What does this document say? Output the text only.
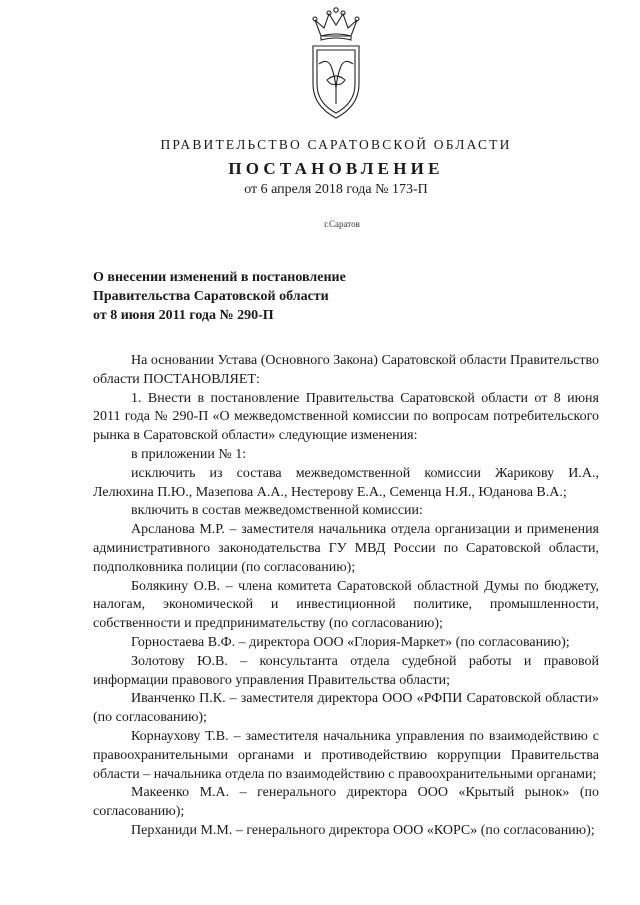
ПРАВИТЕЛЬСТВО САРАТОВСКОЙ ОБЛАСТИ
ПОСТАНОВЛЕНИЕ
от 6 апреля 2018 года № 173-П
г.Саратов
О внесении изменений в постановление
Правительства Саратовской области
от 8 июня 2011 года № 290-П
На основании Устава (Основного Закона) Саратовской области Правительство области ПОСТАНОВЛЯЕТ:
1. Внести в постановление Правительства Саратовской области от 8 июня 2011 года № 290-П «О межведомственной комиссии по вопросам потребительского рынка в Саратовской области» следующие изменения:
в приложении № 1:
исключить из состава межведомственной комиссии Жарикову И.А., Лелюхина П.Ю., Мазепова А.А., Нестерову Е.А., Семенца Н.Я., Юданова В.А.;
включить в состав межведомственной комиссии:
Арсланова М.Р. – заместителя начальника отдела организации и применения административного законодательства ГУ МВД России по Саратовской области, подполковника полиции (по согласованию);
Болякину О.В. – члена комитета Саратовской областной Думы по бюджету, налогам, экономической и инвестиционной политике, промышленности, собственности и предпринимательству (по согласованию);
Горностаева В.Ф. – директора ООО «Глория-Маркет» (по согласованию);
Золотову Ю.В. – консультанта отдела судебной работы и правовой информации правового управления Правительства области;
Иванченко П.К. – заместителя директора ООО «РФПИ Саратовской области» (по согласованию);
Корнаухову Т.В. – заместителя начальника управления по взаимодействию с правоохранительными органами и противодействию коррупции Правительства области – начальника отдела по взаимодействию с правоохранительными органами;
Макеенко М.А. – генерального директора ООО «Крытый рынок» (по согласованию);
Перханиди М.М. – генерального директора ООО «КОРС» (по согласованию);
